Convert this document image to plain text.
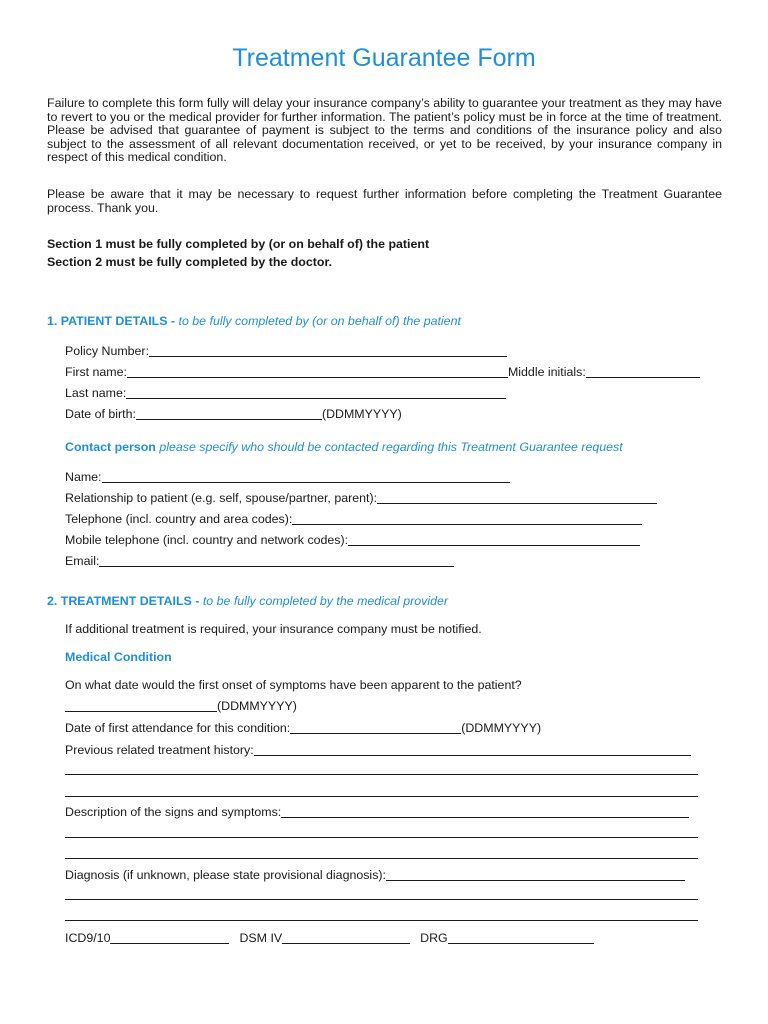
Treatment Guarantee Form
Failure to complete this form fully will delay your insurance company’s ability to guarantee your treatment as they may have to revert to you or the medical provider for further information. The patient’s policy must be in force at the time of treatment. Please be advised that guarantee of payment is subject to the terms and conditions of the insurance policy and also subject to the assessment of all relevant documentation received, or yet to be received, by your insurance company in respect of this medical condition.
Please be aware that it may be necessary to request further information before completing the Treatment Guarantee process. Thank you.
Section 1 must be fully completed by (or on behalf of) the patient
Section 2 must be fully completed by the doctor.
1. PATIENT DETAILS - to be fully completed by (or on behalf of) the patient
Policy Number:
First name:	Middle initials:
Last name:
Date of birth:	(DDMMYYYY)
Contact person please specify who should be contacted regarding this Treatment Guarantee request
Name:
Relationship to patient (e.g. self, spouse/partner, parent):
Telephone (incl. country and area codes):
Mobile telephone (incl. country and network codes):
Email:
2. TREATMENT DETAILS - to be fully completed by the medical provider
If additional treatment is required, your insurance company must be notified.
Medical Condition
On what date would the first onset of symptoms have been apparent to the patient?
(DDMMYYYY)
Date of first attendance for this condition:	(DDMMYYYY)
Previous related treatment history:
Description of the signs and symptoms:
Diagnosis (if unknown, please state provisional diagnosis):
ICD9/10	DSM IV	DRG
